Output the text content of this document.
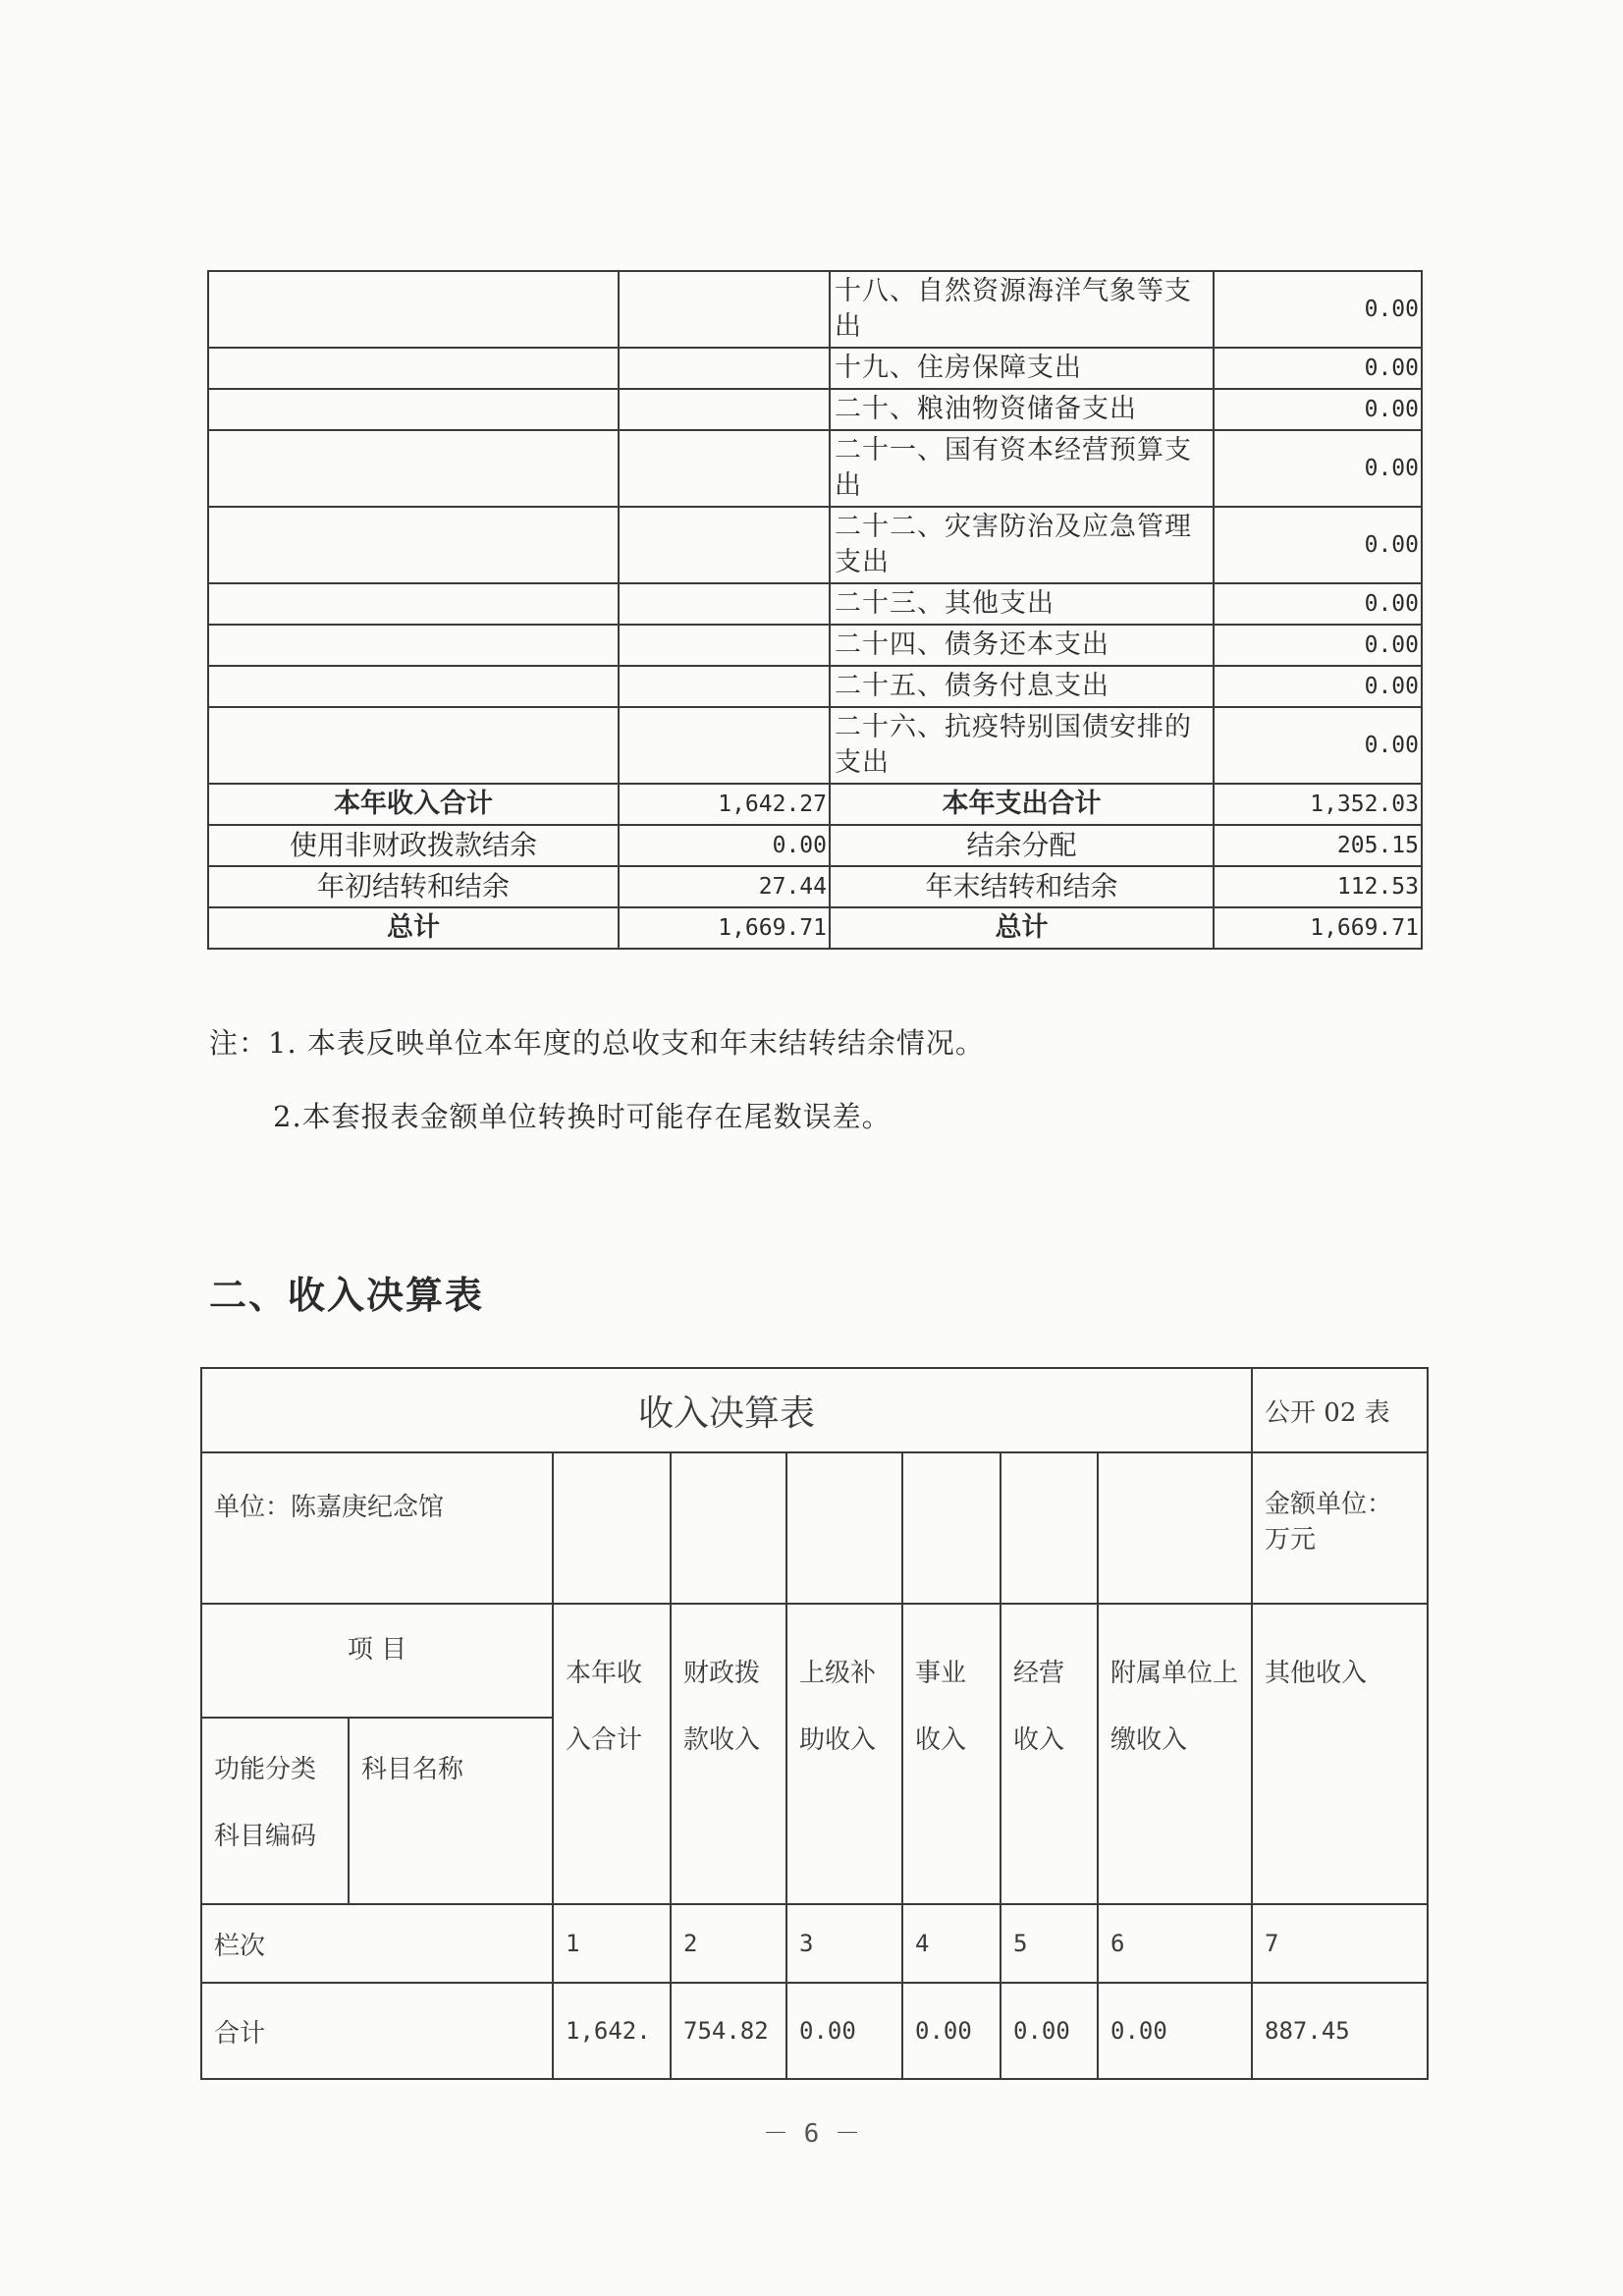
		十八、自然资源海洋气象等支出	0.00
		十九、住房保障支出	0.00
		二十、粮油物资储备支出	0.00
		二十一、国有资本经营预算支出	0.00
		二十二、灾害防治及应急管理支出	0.00
		二十三、其他支出	0.00
		二十四、债务还本支出	0.00
		二十五、债务付息支出	0.00
		二十六、抗疫特别国债安排的支出	0.00
本年收入合计	1,642.27	本年支出合计	1,352.03
使用非财政拨款结余	0.00	结余分配	205.15
年初结转和结余	27.44	年末结转和结余	112.53
总计	1,669.71	总计	1,669.71
注：1. 本表反映单位本年度的总收支和年末结转结余情况。
2.本套报表金额单位转换时可能存在尾数误差。
二、收入决算表
收入决算表								公开 02 表
单位：陈嘉庚纪念馆								金额单位：万元
项 目		本年收入合计	财政拨款收入	上级补助收入	事业收入	经营收入	附属单位上缴收入	其他收入
功能分类科目编码	科目名称							
栏次		1	2	3	4	5	6	7
合计		1,642.	754.82	0.00	0.00	0.00	0.00	887.45
－ 6 －
